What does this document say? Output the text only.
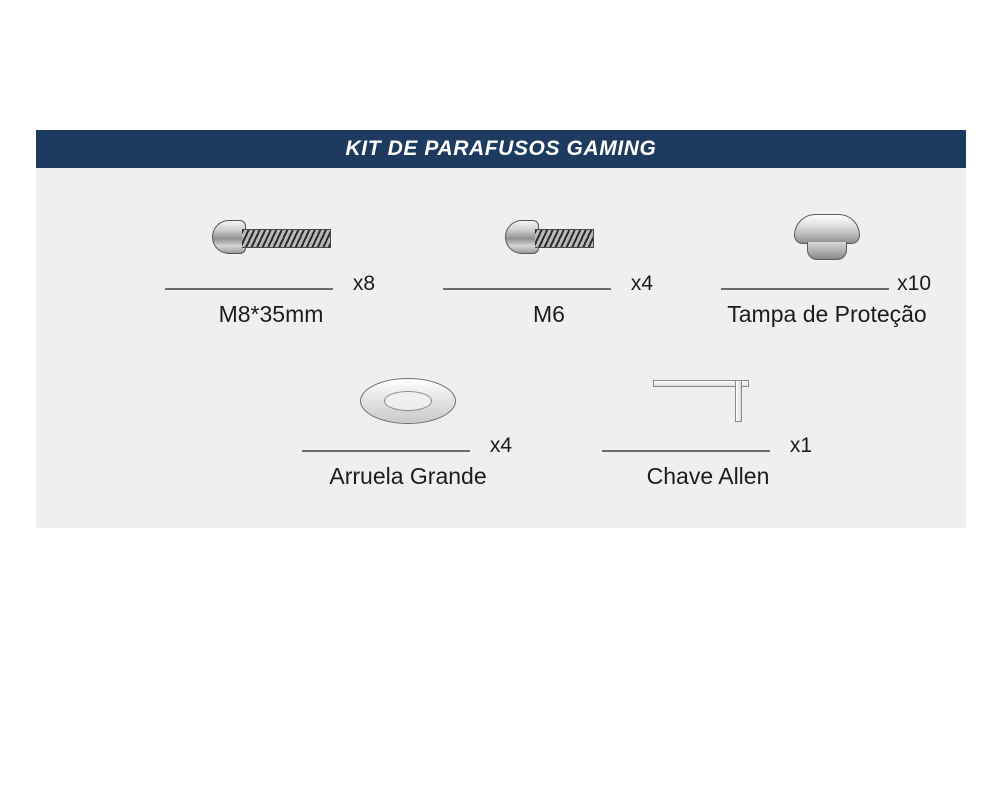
KIT DE PARAFUSOS GAMING
x8
M8*35mm
x4
M6
x10
Tampa de Proteção
x4
Arruela Grande
x1
Chave Allen
